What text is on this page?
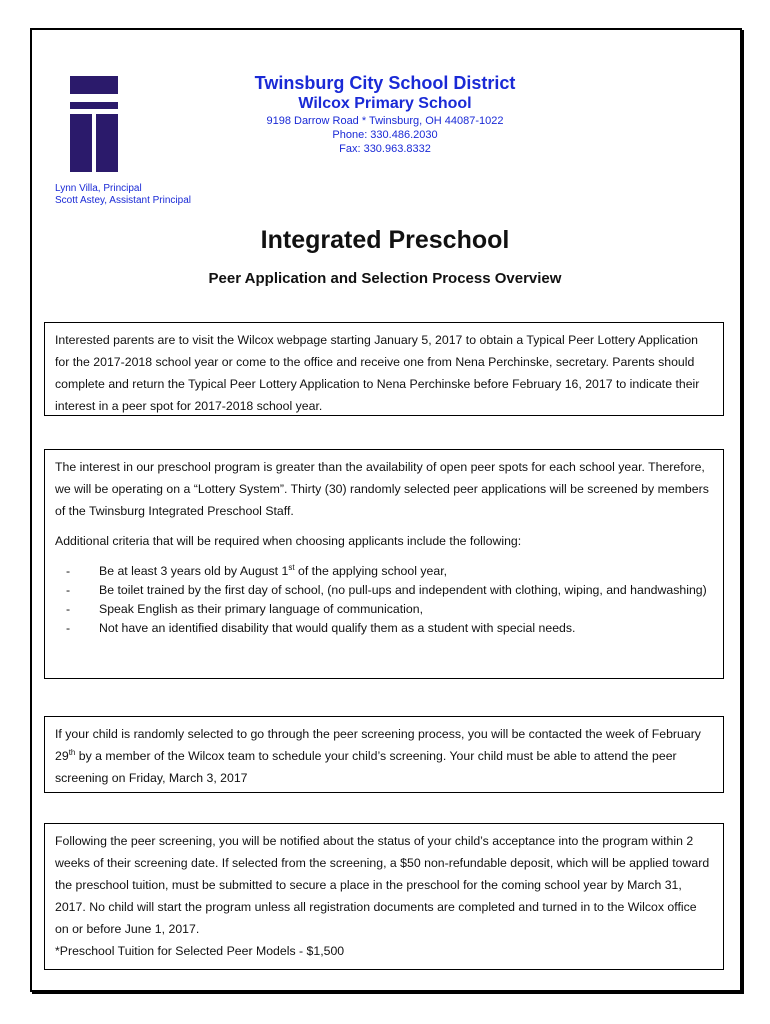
Twinsburg City School District
Wilcox Primary School
9198 Darrow Road * Twinsburg, OH 44087-1022
Phone: 330.486.2030
Fax: 330.963.8332
Lynn Villa, Principal
Scott Astey, Assistant Principal
Integrated Preschool
Peer Application and Selection Process Overview

Interested parents are to visit the Wilcox webpage starting January 5, 2017 to obtain a Typical Peer Lottery Application for the 2017-2018 school year or come to the office and receive one from Nena Perchinske, secretary. Parents should complete and return the Typical Peer Lottery Application to Nena Perchinske before February 16, 2017 to indicate their interest in a peer spot for 2017-2018 school year.

The interest in our preschool program is greater than the availability of open peer spots for each school year. Therefore, we will be operating on a “Lottery System”. Thirty (30) randomly selected peer applications will be screened by members of the Twinsburg Integrated Preschool Staff.

Additional criteria that will be required when choosing applicants include the following:

- Be at least 3 years old by August 1st of the applying school year,
- Be toilet trained by the first day of school, (no pull-ups and independent with clothing, wiping, and handwashing)
- Speak English as their primary language of communication,
- Not have an identified disability that would qualify them as a student with special needs.

If your child is randomly selected to go through the peer screening process, you will be contacted the week of February 29th by a member of the Wilcox team to schedule your child’s screening. Your child must be able to attend the peer screening on Friday, March 3, 2017

Following the peer screening, you will be notified about the status of your child’s acceptance into the program within 2 weeks of their screening date. If selected from the screening, a $50 non-refundable deposit, which will be applied toward the preschool tuition, must be submitted to secure a place in the preschool for the coming school year by March 31, 2017. No child will start the program unless all registration documents are completed and turned in to the Wilcox office on or before June 1, 2017.

*Preschool Tuition for Selected Peer Models - $1,500
